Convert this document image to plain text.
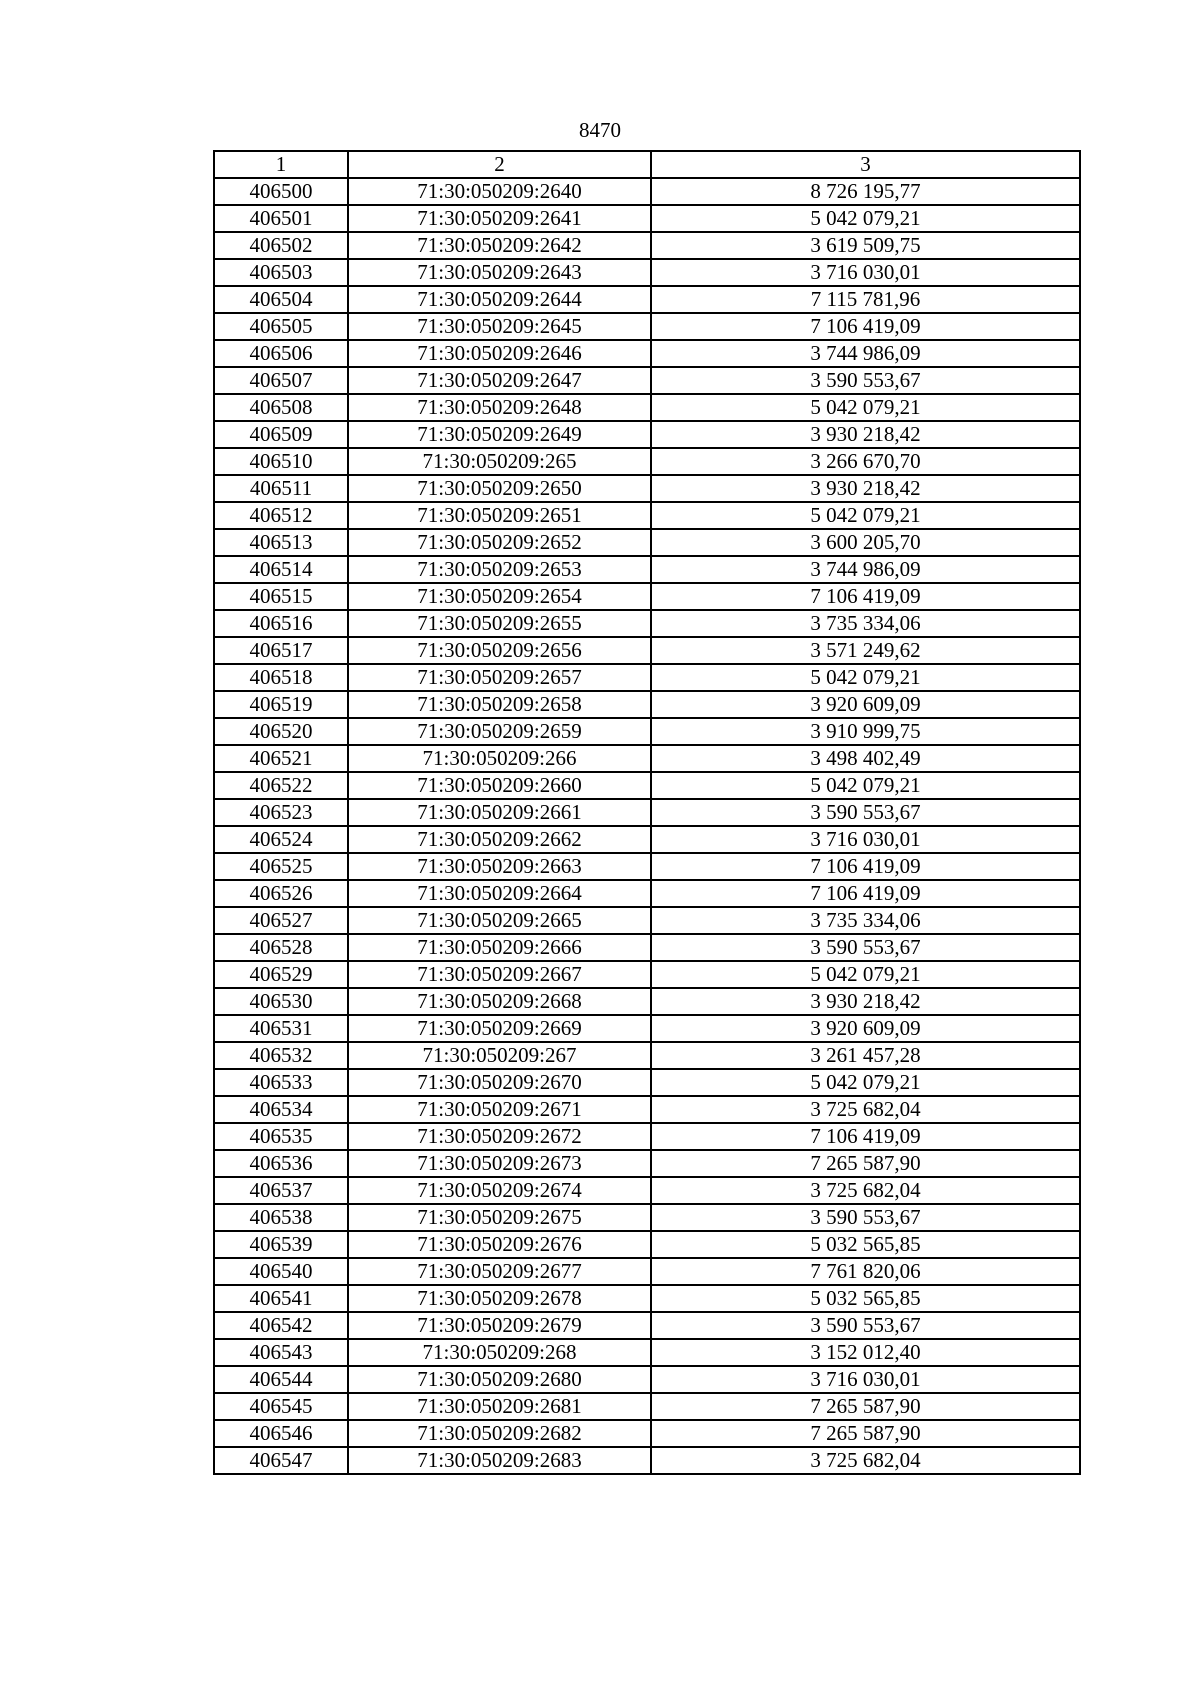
8470
1	2	3
406500	71:30:050209:2640	8 726 195,77
406501	71:30:050209:2641	5 042 079,21
406502	71:30:050209:2642	3 619 509,75
406503	71:30:050209:2643	3 716 030,01
406504	71:30:050209:2644	7 115 781,96
406505	71:30:050209:2645	7 106 419,09
406506	71:30:050209:2646	3 744 986,09
406507	71:30:050209:2647	3 590 553,67
406508	71:30:050209:2648	5 042 079,21
406509	71:30:050209:2649	3 930 218,42
406510	71:30:050209:265	3 266 670,70
406511	71:30:050209:2650	3 930 218,42
406512	71:30:050209:2651	5 042 079,21
406513	71:30:050209:2652	3 600 205,70
406514	71:30:050209:2653	3 744 986,09
406515	71:30:050209:2654	7 106 419,09
406516	71:30:050209:2655	3 735 334,06
406517	71:30:050209:2656	3 571 249,62
406518	71:30:050209:2657	5 042 079,21
406519	71:30:050209:2658	3 920 609,09
406520	71:30:050209:2659	3 910 999,75
406521	71:30:050209:266	3 498 402,49
406522	71:30:050209:2660	5 042 079,21
406523	71:30:050209:2661	3 590 553,67
406524	71:30:050209:2662	3 716 030,01
406525	71:30:050209:2663	7 106 419,09
406526	71:30:050209:2664	7 106 419,09
406527	71:30:050209:2665	3 735 334,06
406528	71:30:050209:2666	3 590 553,67
406529	71:30:050209:2667	5 042 079,21
406530	71:30:050209:2668	3 930 218,42
406531	71:30:050209:2669	3 920 609,09
406532	71:30:050209:267	3 261 457,28
406533	71:30:050209:2670	5 042 079,21
406534	71:30:050209:2671	3 725 682,04
406535	71:30:050209:2672	7 106 419,09
406536	71:30:050209:2673	7 265 587,90
406537	71:30:050209:2674	3 725 682,04
406538	71:30:050209:2675	3 590 553,67
406539	71:30:050209:2676	5 032 565,85
406540	71:30:050209:2677	7 761 820,06
406541	71:30:050209:2678	5 032 565,85
406542	71:30:050209:2679	3 590 553,67
406543	71:30:050209:268	3 152 012,40
406544	71:30:050209:2680	3 716 030,01
406545	71:30:050209:2681	7 265 587,90
406546	71:30:050209:2682	7 265 587,90
406547	71:30:050209:2683	3 725 682,04
